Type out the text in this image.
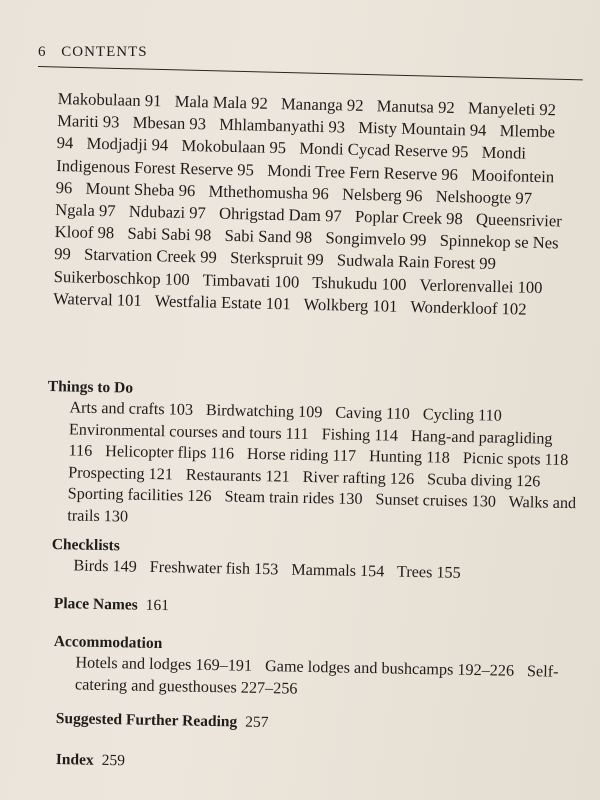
6 CONTENTS
Makobulaan 91 Mala Mala 92 Mananga 92 Manutsa 92 Manyeleti 92 Mariti 93 Mbesan 93 Mhlambanyathi 93 Misty Mountain 94 Mlembe 94 Modjadji 94 Mokobulaan 95 Mondi Cycad Reserve 95 Mondi Indigenous Forest Reserve 95 Mondi Tree Fern Reserve 96 Mooifontein 96 Mount Sheba 96 Mthethomusha 96 Nelsberg 96 Nelshoogte 97 Ngala 97 Ndubazi 97 Ohrigstad Dam 97 Poplar Creek 98 Queensrivier Kloof 98 Sabi Sabi 98 Sabi Sand 98 Songimvelo 99 Spinnekop se Nes 99 Starvation Creek 99 Sterkspruit 99 Sudwala Rain Forest 99 Suikerboschkop 100 Timbavati 100 Tshukudu 100 Verlorenvallei 100 Waterval 101 Westfalia Estate 101 Wolkberg 101 Wonderkloof 102
Things to Do
Arts and crafts 103 Birdwatching 109 Caving 110 Cycling 110 Environmental courses and tours 111 Fishing 114 Hang-and paragliding 116 Helicopter flips 116 Horse riding 117 Hunting 118 Picnic spots 118 Prospecting 121 Restaurants 121 River rafting 126 Scuba diving 126 Sporting facilities 126 Steam train rides 130 Sunset cruises 130 Walks and trails 130
Checklists
Birds 149 Freshwater fish 153 Mammals 154 Trees 155
Place Names 161
Accommodation
Hotels and lodges 169–191 Game lodges and bushcamps 192–226 Self-catering and guesthouses 227–256
Suggested Further Reading 257
Index 259
